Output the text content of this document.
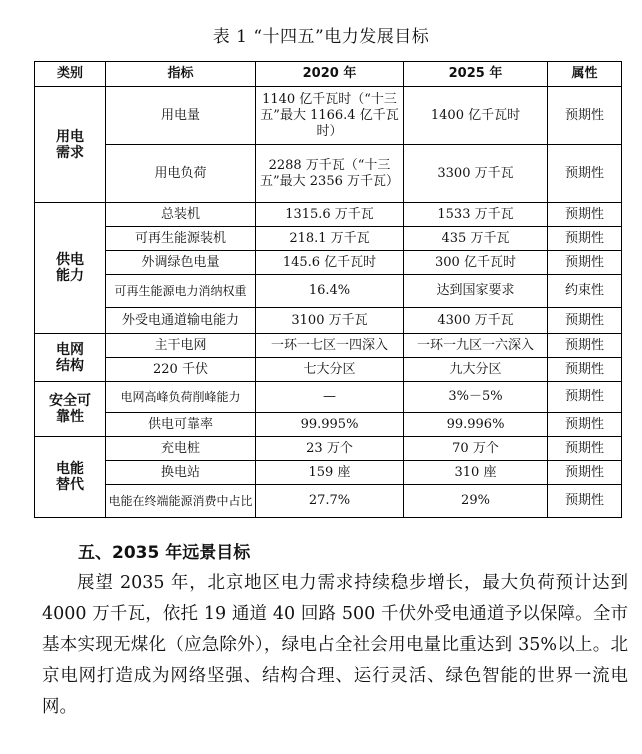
表 1 “十四五”电力发展目标
类别	指标	2020 年	2025 年	属性
用电需求	用电量	1140 亿千瓦时（“十三五”最大 1166.4 亿千瓦时）	1400 亿千瓦时	预期性
	用电负荷	2288 万千瓦（“十三五”最大 2356 万千瓦）	3300 万千瓦	预期性
供电能力	总装机	1315.6 万千瓦	1533 万千瓦	预期性
	可再生能源装机	218.1 万千瓦	435 万千瓦	预期性
	外调绿色电量	145.6 亿千瓦时	300 亿千瓦时	预期性
	可再生能源电力消纳权重	16.4%	达到国家要求	约束性
	外受电通道输电能力	3100 万千瓦	4300 万千瓦	预期性
电网结构	主干电网	一环一七区一四深入	一环一九区一六深入	预期性
	220 千伏	七大分区	九大分区	预期性
安全可靠性	电网高峰负荷削峰能力	—	3%－5%	预期性
	供电可靠率	99.995%	99.996%	预期性
电能替代	充电桩	23 万个	70 万个	预期性
	换电站	159 座	310 座	预期性
	电能在终端能源消费中占比	27.7%	29%	预期性
五、2035 年远景目标

展望 2035 年，北京地区电力需求持续稳步增长，最大负荷预计达到 4000 万千瓦，依托 19 通道 40 回路 500 千伏外受电通道予以保障。全市基本实现无煤化（应急除外），绿电占全社会用电量比重达到 35%以上。北京电网打造成为网络坚强、结构合理、运行灵活、绿色智能的世界一流电网。
